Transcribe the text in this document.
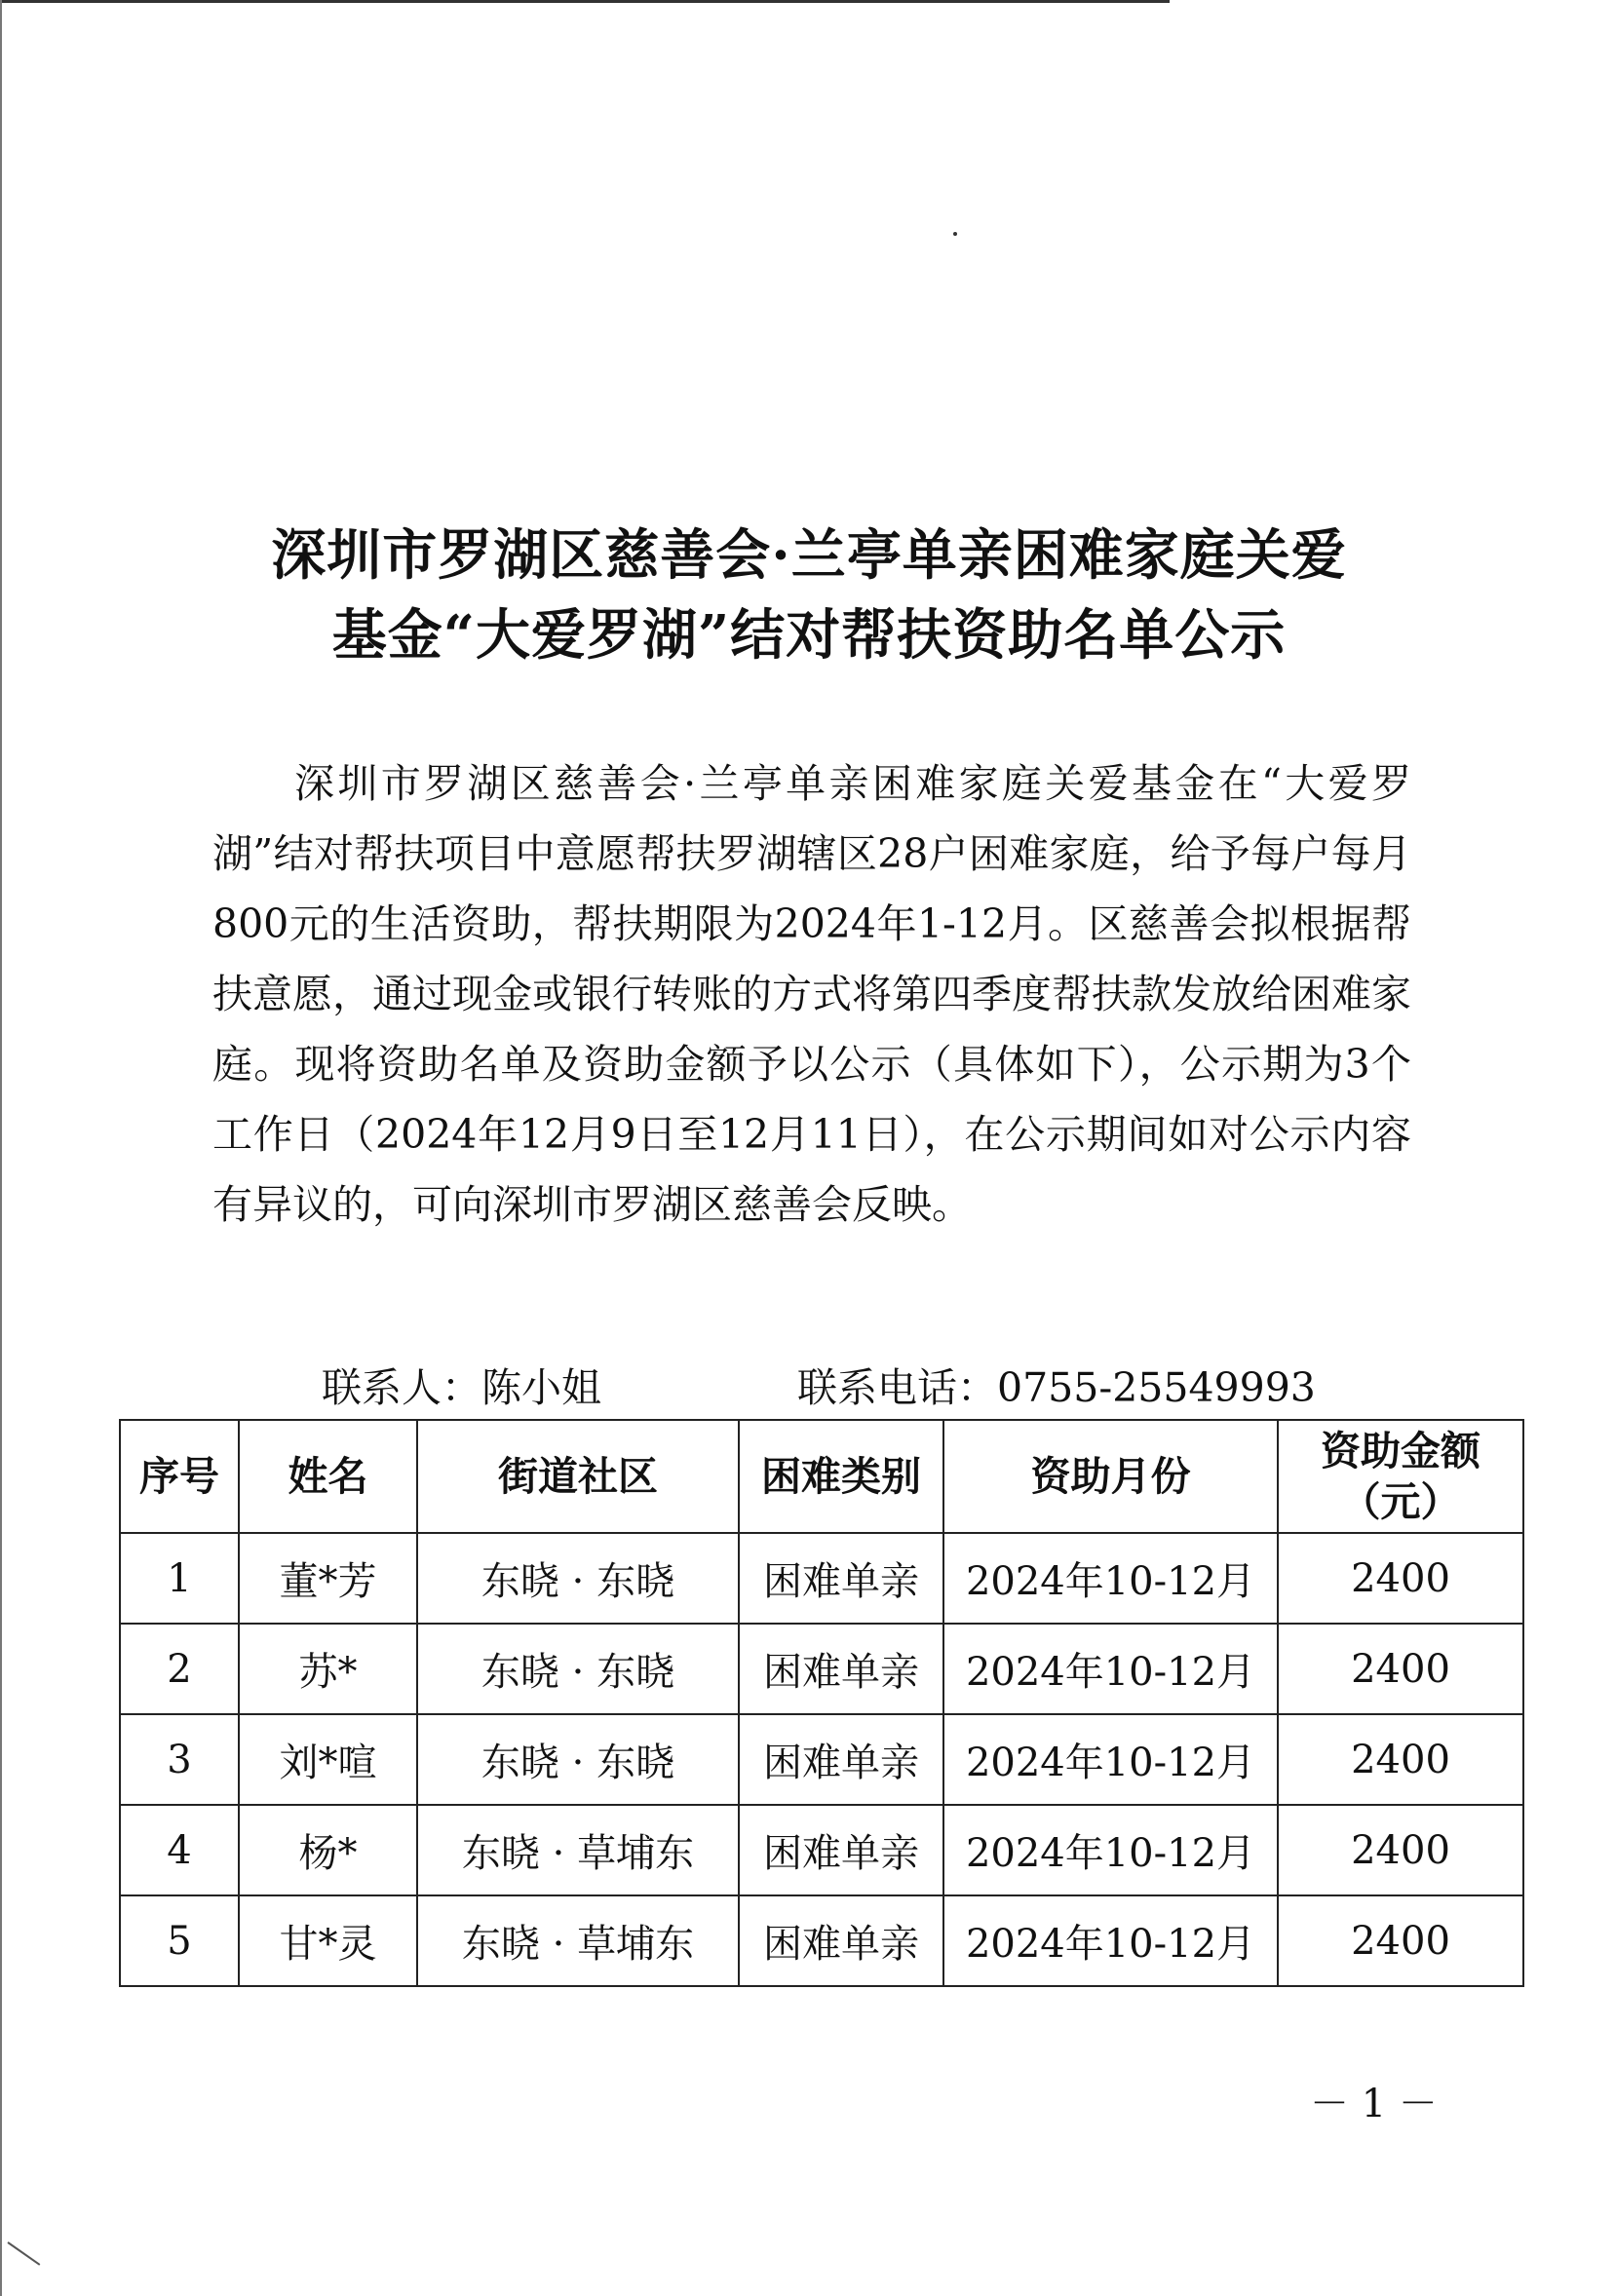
深圳市罗湖区慈善会·兰亭单亲困难家庭关爱
基金“大爱罗湖”结对帮扶资助名单公示
深圳市罗湖区慈善会·兰亭单亲困难家庭关爱基金在“大爱罗湖”结对帮扶项目中意愿帮扶罗湖辖区28户困难家庭，给予每户每月800元的生活资助，帮扶期限为2024年1-12月。区慈善会拟根据帮扶意愿，通过现金或银行转账的方式将第四季度帮扶款发放给困难家庭。现将资助名单及资助金额予以公示（具体如下），公示期为3个工作日（2024年12月9日至12月11日），在公示期间如对公示内容有异议的，可向深圳市罗湖区慈善会反映。
联系人：陈小姐	联系电话：0755-25549993
序号	姓名	街道社区	困难类别	资助月份	资助金额
（元）

1	董*芳	东晓 · 东晓	困难单亲	2024年10-12月	2400
2	苏*	东晓 · 东晓	困难单亲	2024年10-12月	2400
3	刘*喧	东晓 · 东晓	困难单亲	2024年10-12月	2400
4	杨*	东晓 · 草埔东	困难单亲	2024年10-12月	2400
5	甘*灵	东晓 · 草埔东	困难单亲	2024年10-12月	2400
－ 1 －
